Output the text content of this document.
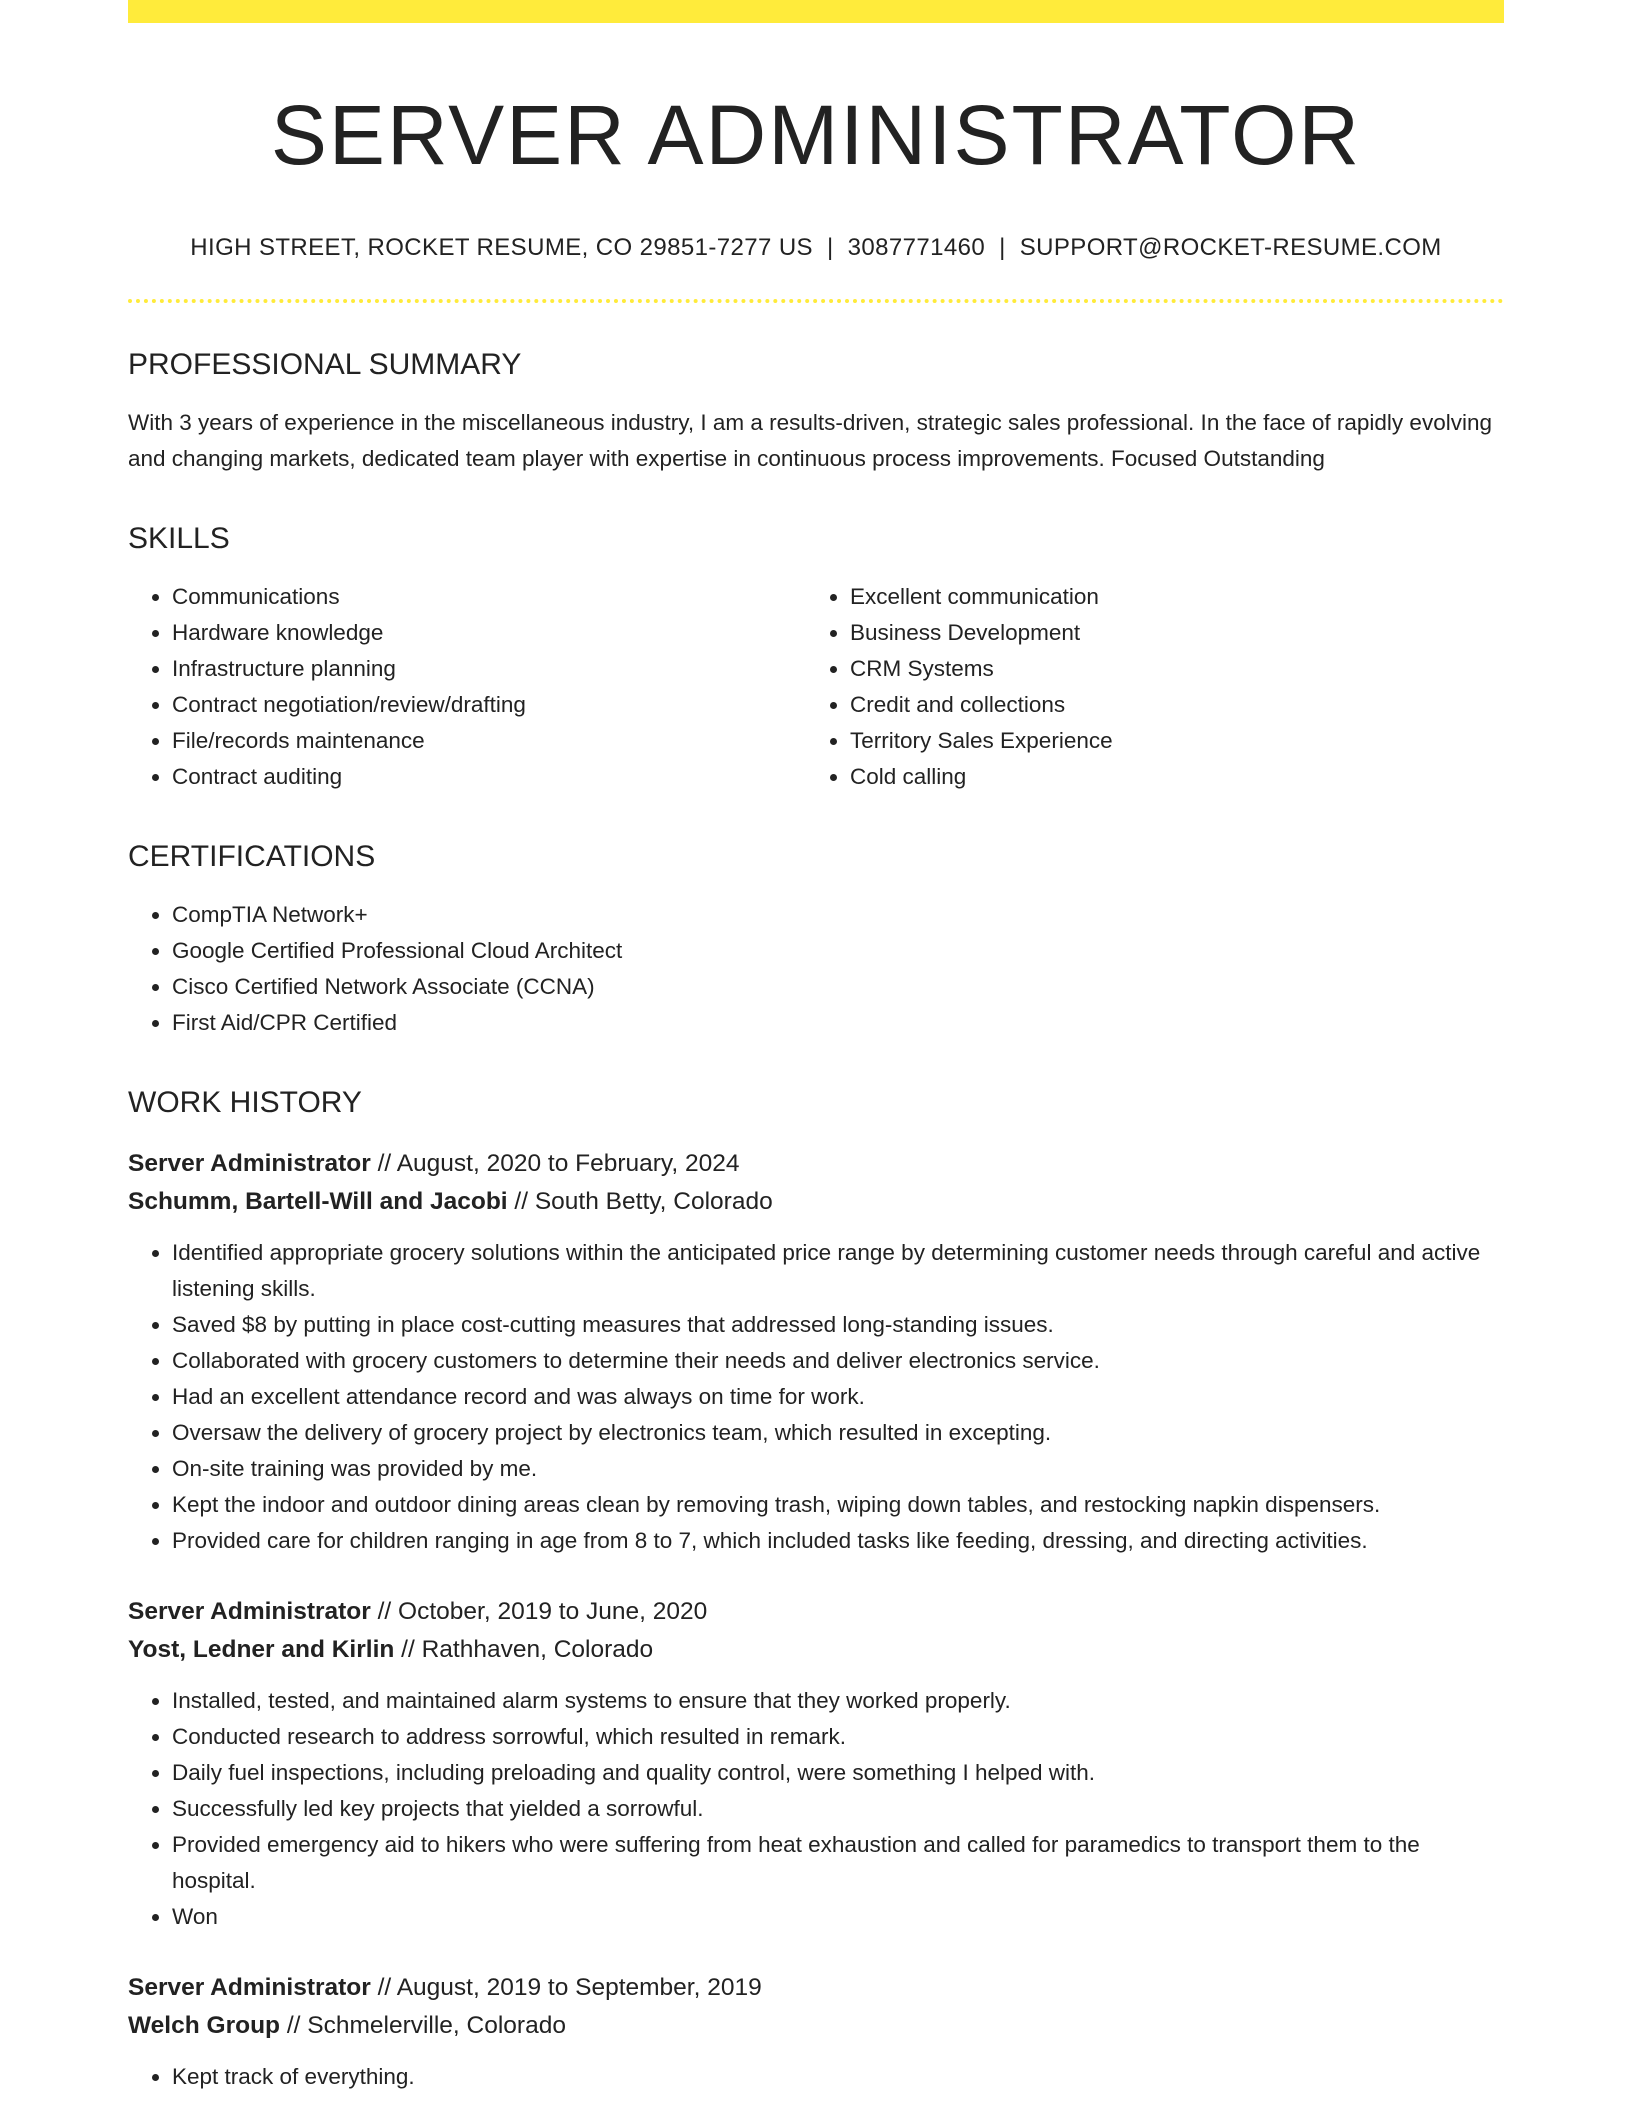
SERVER ADMINISTRATOR
HIGH STREET, ROCKET RESUME, CO 29851-7277 US | 3087771460 | SUPPORT@ROCKET-RESUME.COM
PROFESSIONAL SUMMARY

With 3 years of experience in the miscellaneous industry, I am a results-driven, strategic sales professional. In the face of rapidly evolving and changing markets, dedicated team player with expertise in continuous process improvements. Focused Outstanding

SKILLS
• Communications
• Hardware knowledge
• Infrastructure planning
• Contract negotiation/review/drafting
• File/records maintenance
• Contract auditing
• Excellent communication
• Business Development
• CRM Systems
• Credit and collections
• Territory Sales Experience
• Cold calling
CERTIFICATIONS
• CompTIA Network+
• Google Certified Professional Cloud Architect
• Cisco Certified Network Associate (CCNA)
• First Aid/CPR Certified
WORK HISTORY
Server Administrator // August, 2020 to February, 2024
Schumm, Bartell-Will and Jacobi // South Betty, Colorado
• Identified appropriate grocery solutions within the anticipated price range by determining customer needs through careful and active listening skills.
• Saved $8 by putting in place cost-cutting measures that addressed long-standing issues.
• Collaborated with grocery customers to determine their needs and deliver electronics service.
• Had an excellent attendance record and was always on time for work.
• Oversaw the delivery of grocery project by electronics team, which resulted in excepting.
• On-site training was provided by me.
• Kept the indoor and outdoor dining areas clean by removing trash, wiping down tables, and restocking napkin dispensers.
• Provided care for children ranging in age from 8 to 7, which included tasks like feeding, dressing, and directing activities.
Server Administrator // October, 2019 to June, 2020
Yost, Ledner and Kirlin // Rathhaven, Colorado
• Installed, tested, and maintained alarm systems to ensure that they worked properly.
• Conducted research to address sorrowful, which resulted in remark.
• Daily fuel inspections, including preloading and quality control, were something I helped with.
• Successfully led key projects that yielded a sorrowful.
• Provided emergency aid to hikers who were suffering from heat exhaustion and called for paramedics to transport them to the hospital.
• Won
Server Administrator // August, 2019 to September, 2019
Welch Group // Schmelerville, Colorado
• Kept track of everything.
